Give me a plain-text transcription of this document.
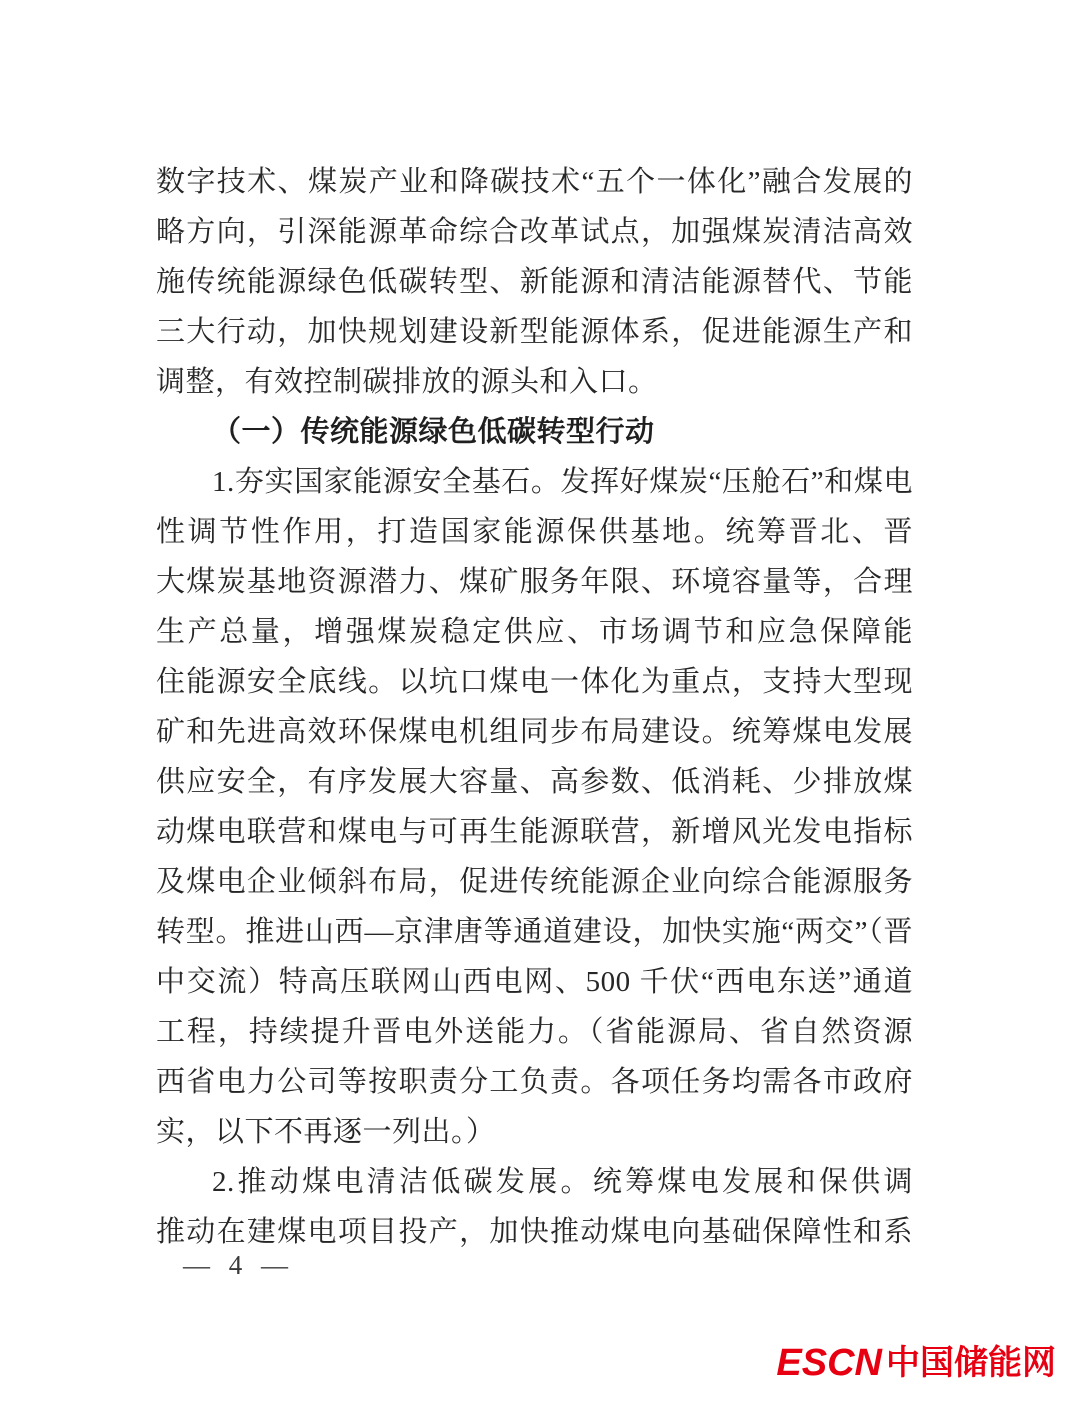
数字技术、煤炭产业和降碳技术“五个一体化”融合发展的
略方向，引深能源革命综合改革试点，加强煤炭清洁高效
施传统能源绿色低碳转型、新能源和清洁能源替代、节能
三大行动，加快规划建设新型能源体系，促进能源生产和
调整，有效控制碳排放的源头和入口。
（一）传统能源绿色低碳转型行动
1.夯实国家能源安全基石。发挥好煤炭“压舱石”和煤电
性调节性作用，打造国家能源保供基地。统筹晋北、晋
大煤炭基地资源潜力、煤矿服务年限、环境容量等，合理
生产总量，增强煤炭稳定供应、市场调节和应急保障能
住能源安全底线。以坑口煤电一体化为重点，支持大型现
矿和先进高效环保煤电机组同步布局建设。统筹煤电发展
供应安全，有序发展大容量、高参数、低消耗、少排放煤
动煤电联营和煤电与可再生能源联营，新增风光发电指标
及煤电企业倾斜布局，促进传统能源企业向综合能源服务
转型。推进山西—京津唐等通道建设，加快实施“两交”（晋
中交流）特高压联网山西电网、500 千伏“西电东送”通道
工程，持续提升晋电外送能力。（省能源局、省自然资源
西省电力公司等按职责分工负责。各项任务均需各市政府
实，以下不再逐一列出。）
2.推动煤电清洁低碳发展。统筹煤电发展和保供调
推动在建煤电项目投产，加快推动煤电向基础保障性和系
— 4 —
ESCN 中国储能网
